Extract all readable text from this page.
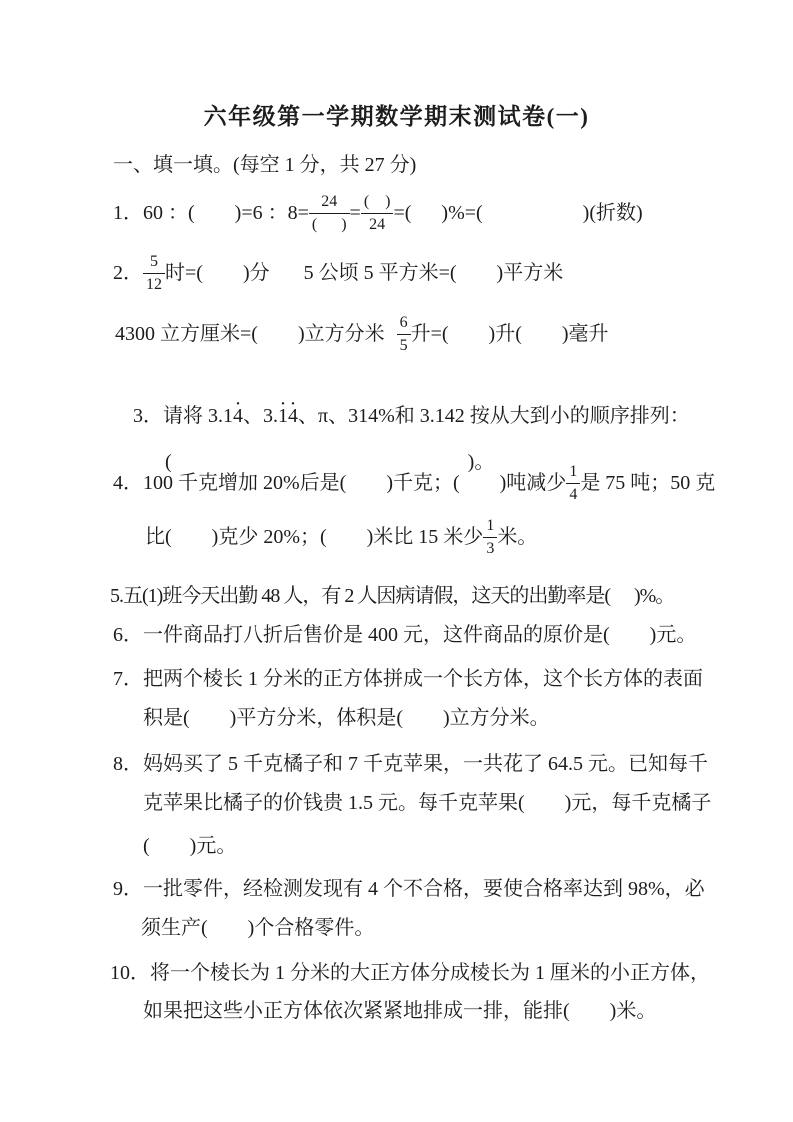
六年级第一学期数学期末测试卷(一)
一、填一填。(每空 1 分，共 27 分)
1．60 ：(        )=6 ：$8= \frac{24}{( )} = \frac{( )}{24}$ =(      )%=(                    )(折数)
2． $\frac{5}{12}$ 时=(        )分 5 公顷 5 平方米=(        )平方米
4300 立方厘米=(        )立方分米 $\frac{6}{5}$ 升=(        )升(        )毫升

3．请将 3.14 ·、3.1 ·4 ·、π、314%和 3.142 按从大到小的顺序排列：

(	)。

4．100 千克增加 20%后是(        )千克；(        )吨减少 $\frac{1}{4}$ 是 75 吨；50 克
比(        )克少 20%；(        )米比 15 米少 $\frac{1}{3}$ 米。
5.五(1)班今天出勤 48 人，有 2 人因病请假，这天的出勤率是(      )%。
6．一件商品打八折后售价是 400 元，这件商品的原价是(        )元。
7．把两个棱长 1 分米的正方体拼成一个长方体，这个长方体的表面
积是(        )平方分米，体积是(        )立方分米。
8．妈妈买了 5 千克橘子和 7 千克苹果，一共花了 64.5 元。已知每千
克苹果比橘子的价钱贵 1.5 元。每千克苹果(        )元，每千克橘子
(        )元。
9．一批零件，经检测发现有 4 个不合格，要使合格率达到 98%，必
须生产(        )个合格零件。
10．将一个棱长为 1 分米的大正方体分成棱长为 1 厘米的小正方体，
如果把这些小正方体依次紧紧地排成一排，能排(        )米。
